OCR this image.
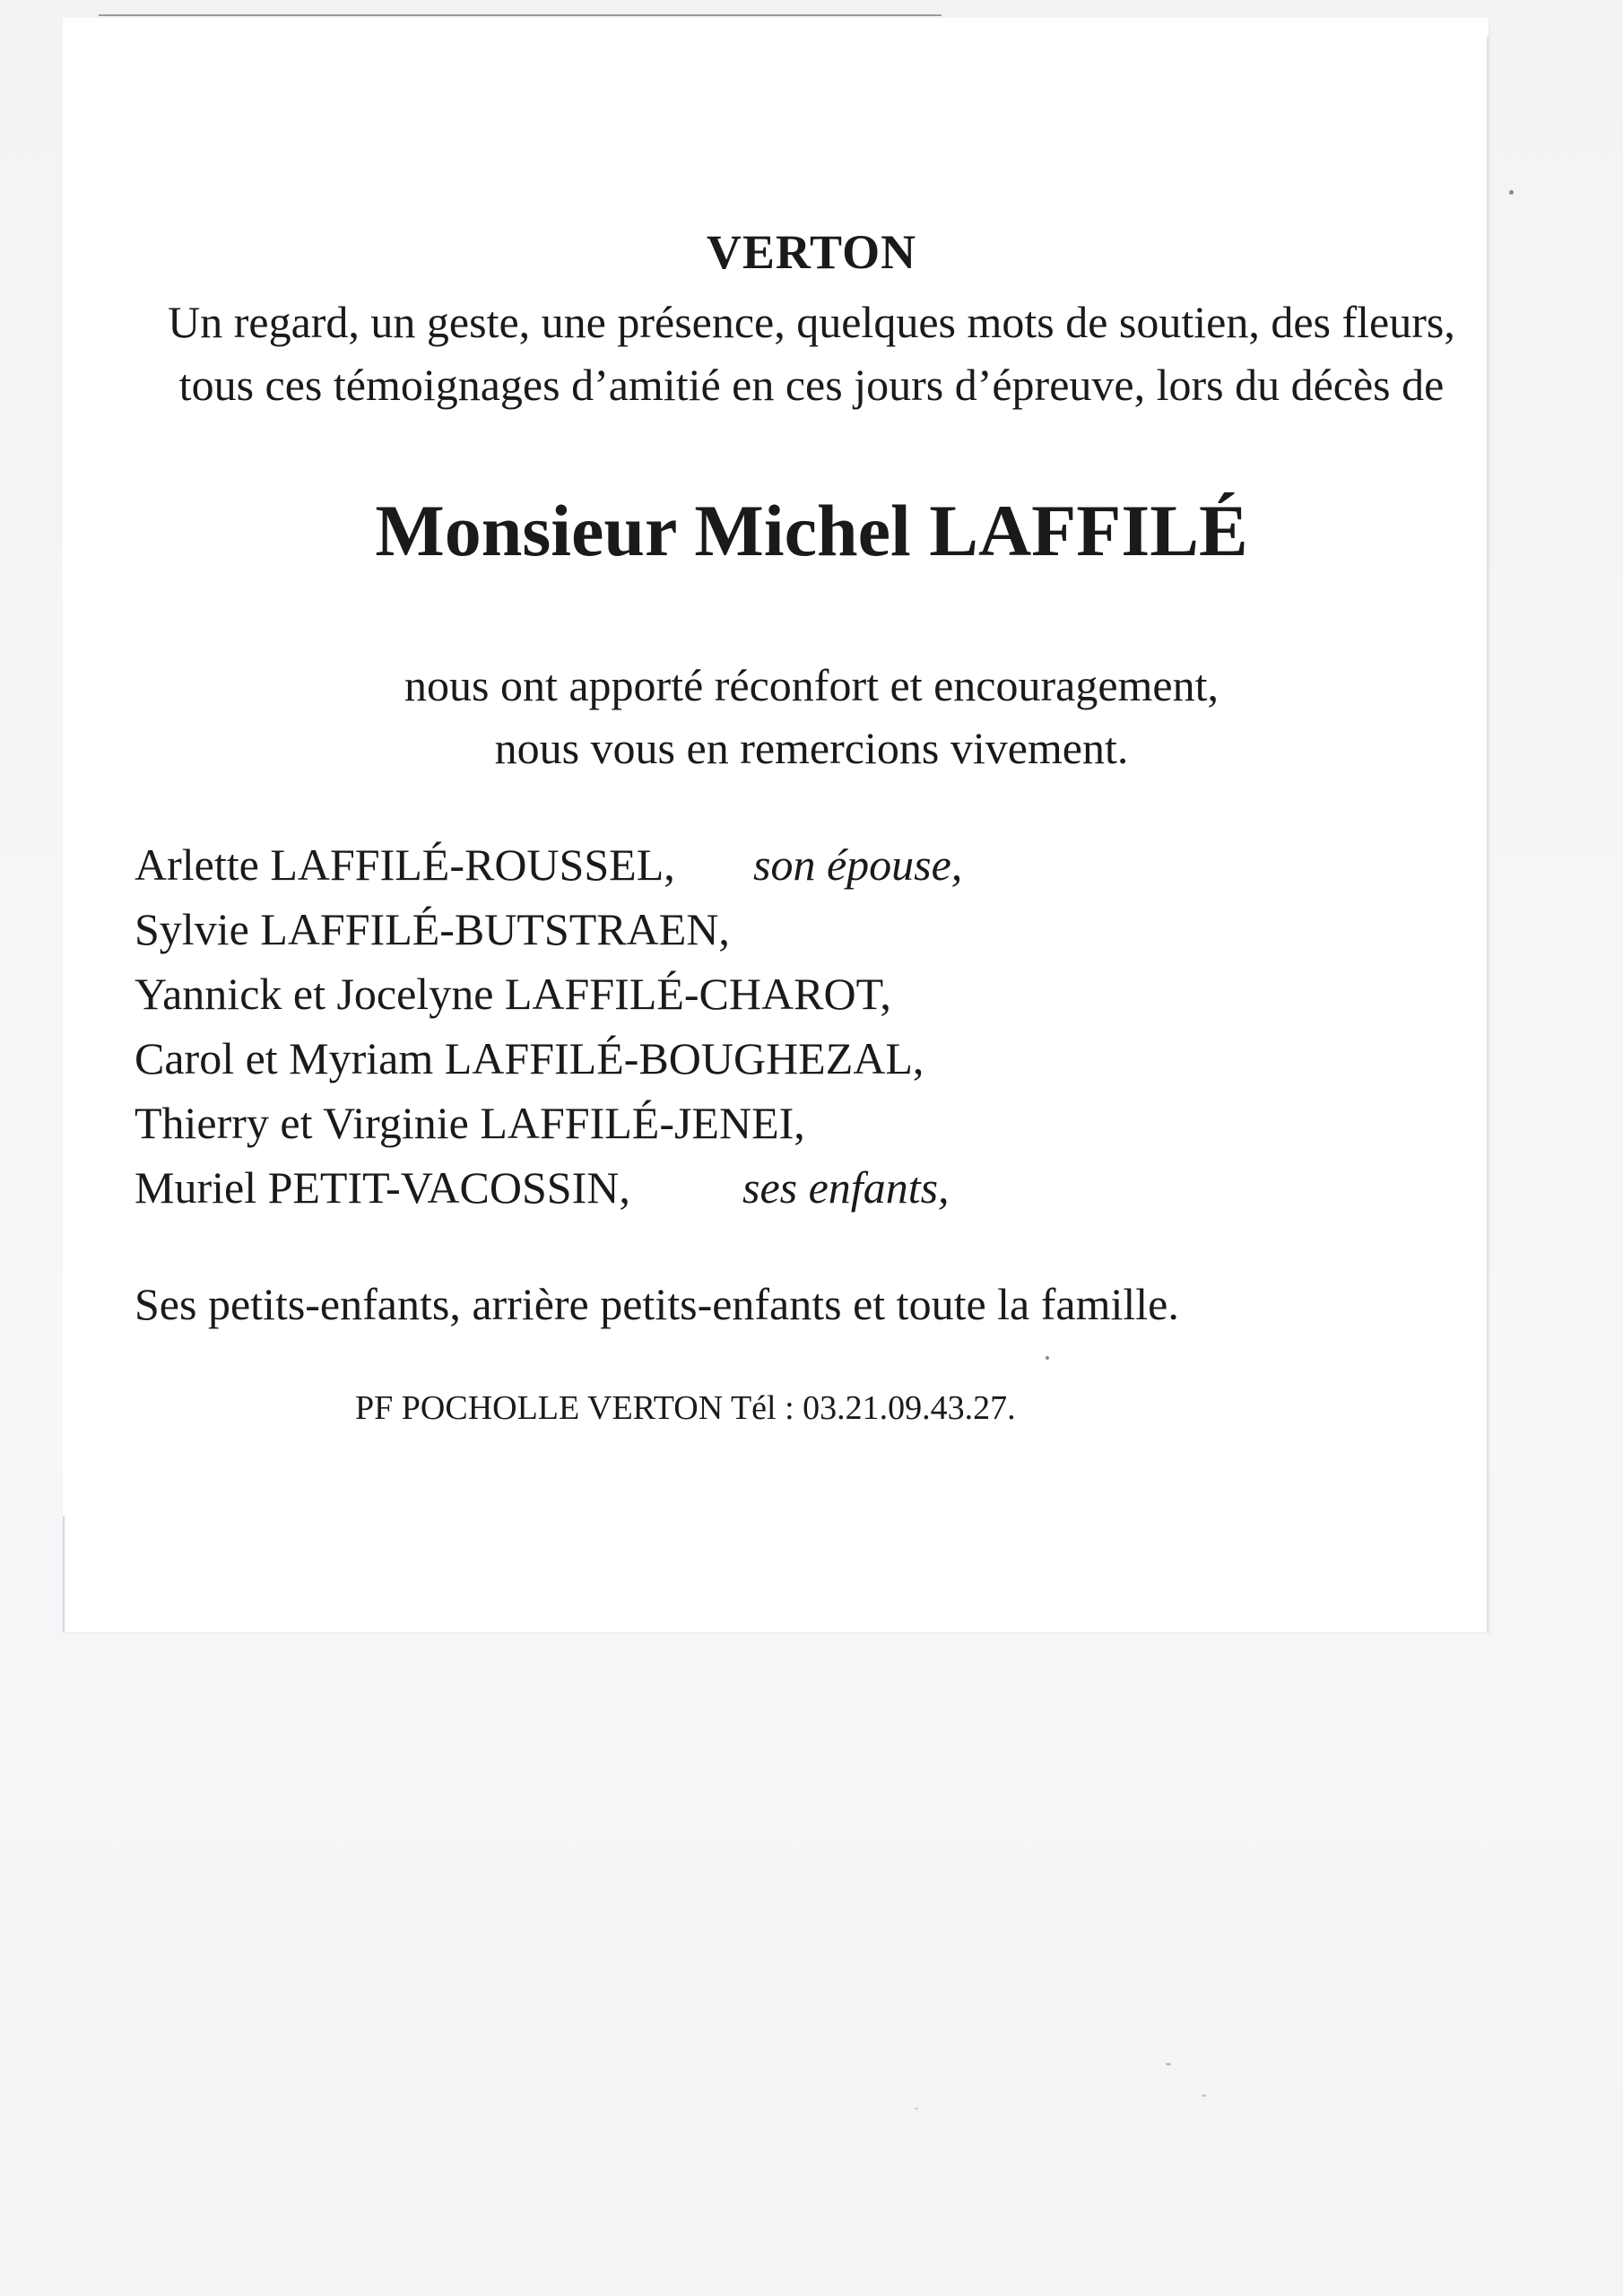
VERTON
Un regard, un geste, une présence, quelques mots de soutien, des fleurs,
tous ces témoignages d’amitié en ces jours d’épreuve, lors du décès de
Monsieur Michel LAFFILÉ
nous ont apporté réconfort et encouragement,
nous vous en remercions vivement.
Arlette LAFFILÉ-ROUSSEL, son épouse,
Sylvie LAFFILÉ-BUTSTRAEN,
Yannick et Jocelyne LAFFILÉ-CHAROT,
Carol et Myriam LAFFILÉ-BOUGHEZAL,
Thierry et Virginie LAFFILÉ-JENEI,
Muriel PETIT-VACOSSIN,	ses enfants,
Ses petits-enfants, arrière petits-enfants et toute la famille.
PF POCHOLLE VERTON Tél : 03.21.09.43.27.
